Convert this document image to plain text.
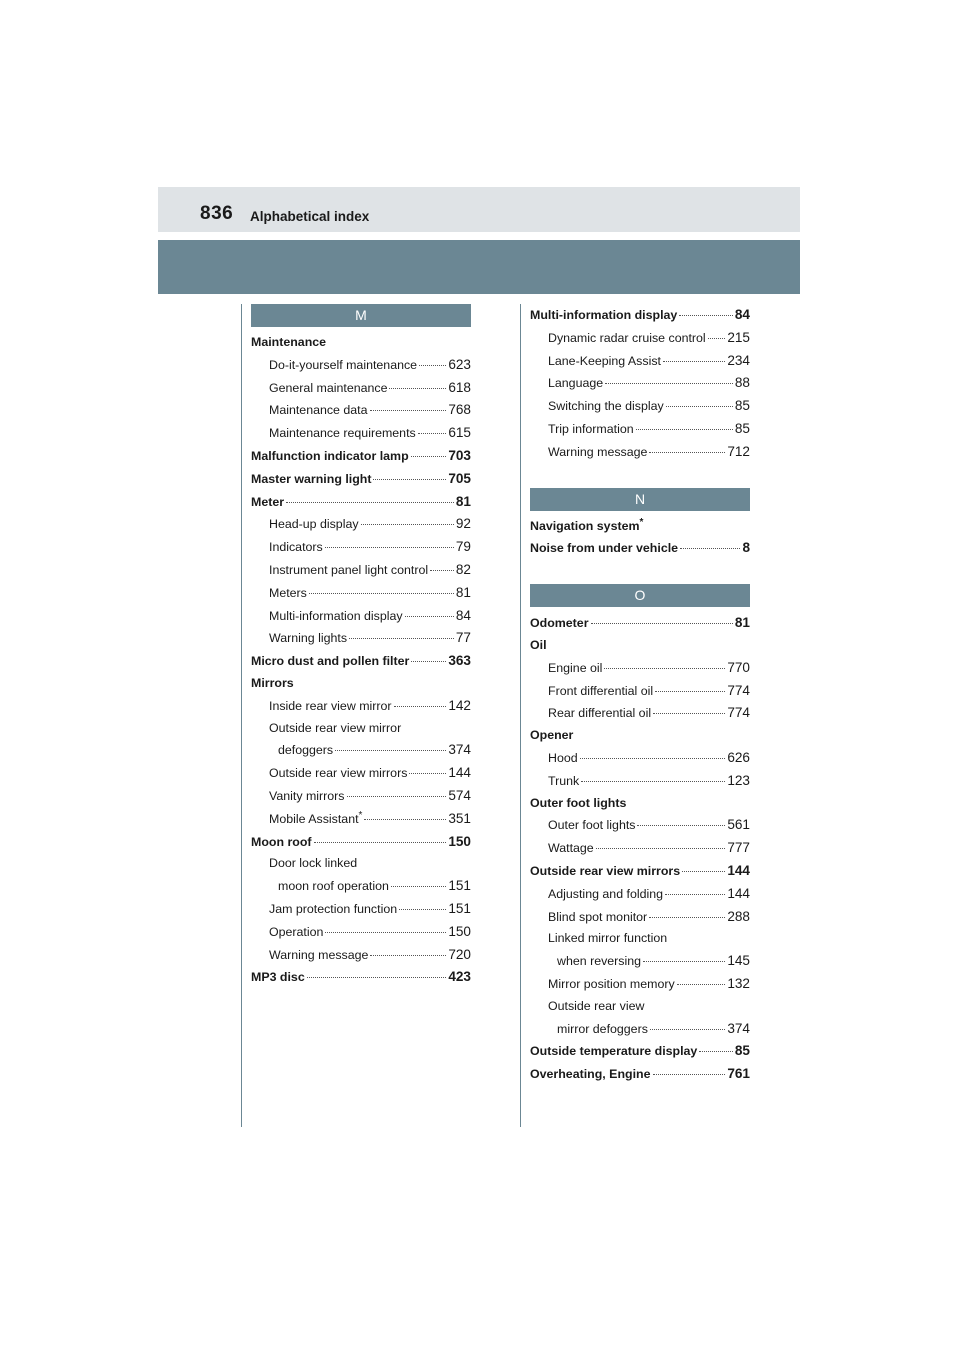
836 Alphabetical index
M
Maintenance
Do-it-yourself maintenance 623
General maintenance	618
Maintenance data	768
Maintenance requirements 615
Malfunction indicator lamp	703
Master warning light	705
Meter	81
Head-up display	92
Indicators	79
Instrument panel light control 82
Meters	81
Multi-information display	84
Warning lights	77
Micro dust and pollen filter	363
Mirrors
Inside rear view mirror	142
Outside rear view mirror
defoggers	374
Outside rear view mirrors	144
Vanity mirrors	574
Mobile Assistant*	351
Moon roof	150
Door lock linked
moon roof operation	151
Jam protection function	151
Operation	150
Warning message	720
MP3 disc	423
Multi-information display	84
Dynamic radar cruise control 215
Lane-Keeping Assist	234
Language	88
Switching the display	85
Trip information	85
Warning message	712
N
Navigation system*
Noise from under vehicle	8
O
Odometer	81
Oil
Engine oil	770
Front differential oil	774
Rear differential oil	774
Opener
Hood	626
Trunk	123
Outer foot lights
Outer foot lights	561
Wattage	777
Outside rear view mirrors	144
Adjusting and folding	144
Blind spot monitor	288
Linked mirror function
when reversing	145
Mirror position memory	132
Outside rear view
mirror defoggers	374
Outside temperature display	85
Overheating, Engine	761
